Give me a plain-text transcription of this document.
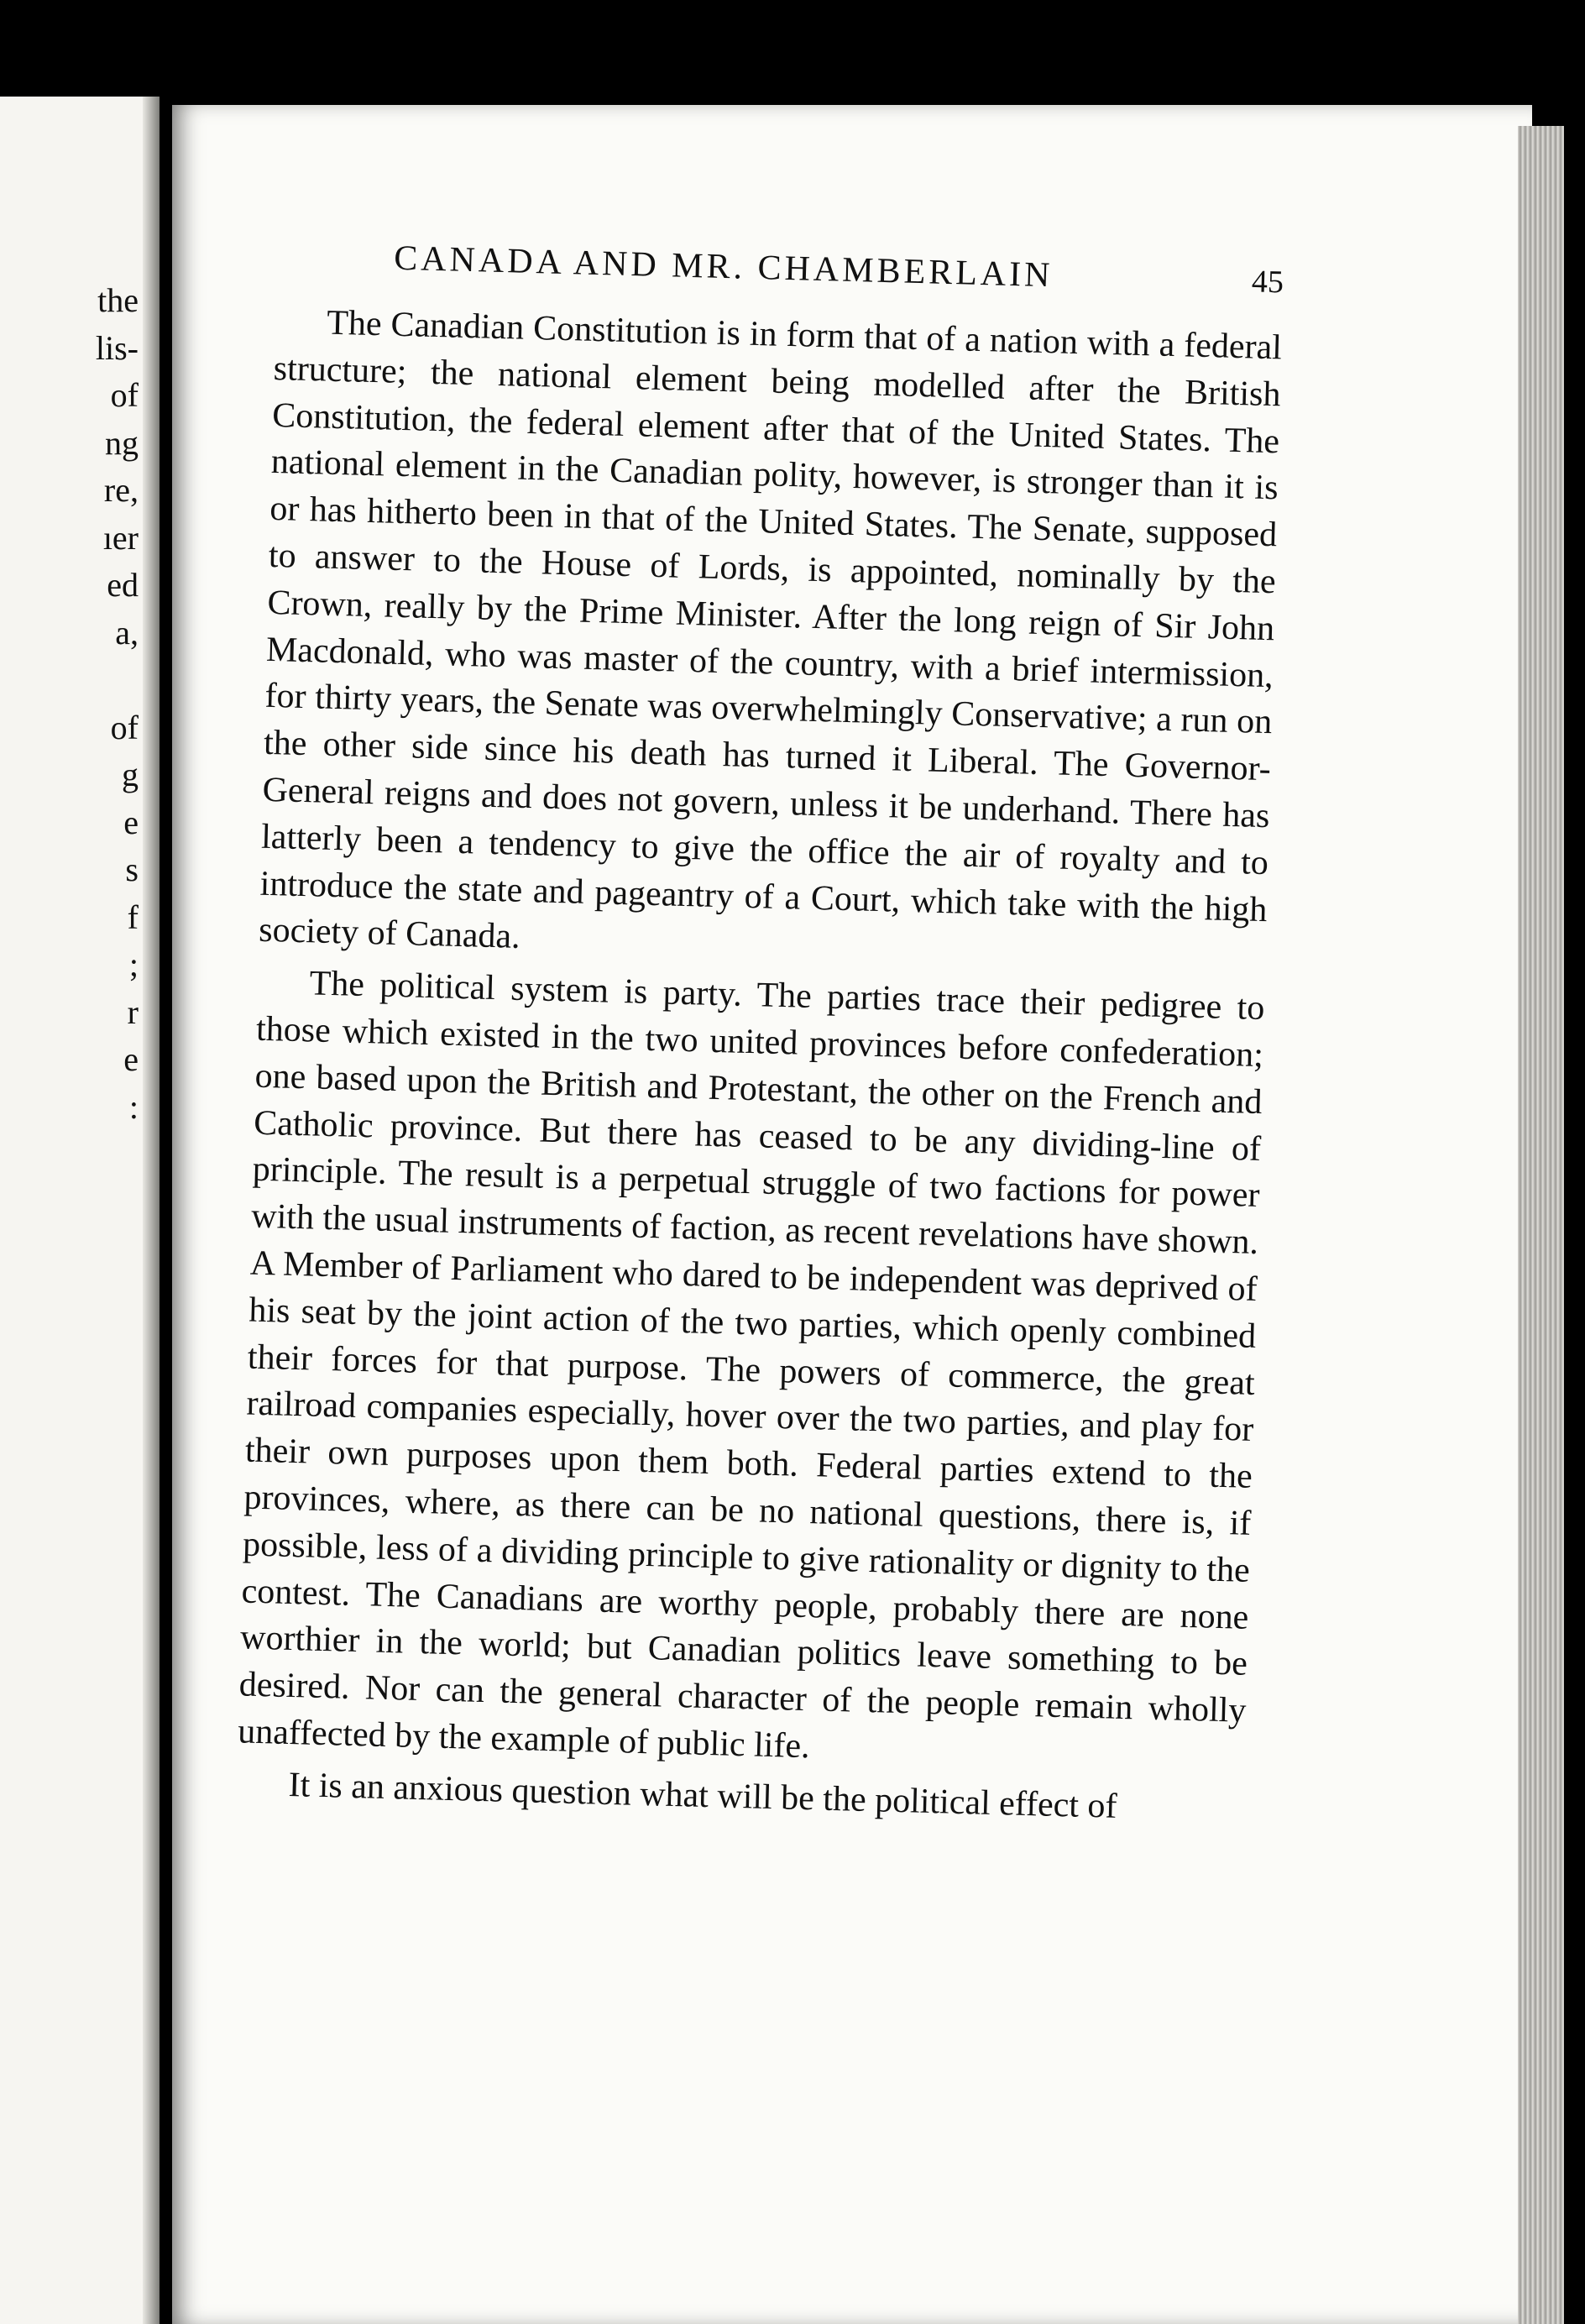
the
lis-
of
ng
re,
ıer
ed
a,
of
g
e
s
f
;
r
e
:
CANADA AND MR. CHAMBERLAIN	45

The Canadian Constitution is in form that of a nation with a federal structure; the national element being modelled after the British Constitution, the federal element after that of the United States. The national element in the Canadian polity, however, is stronger than it is or has hitherto been in that of the United States. The Senate, supposed to answer to the House of Lords, is appointed, nominally by the Crown, really by the Prime Minister. After the long reign of Sir John Macdonald, who was master of the country, with a brief intermission, for thirty years, the Senate was overwhelmingly Conservative; a run on the other side since his death has turned it Liberal. The Governor-General reigns and does not govern, unless it be underhand. There has latterly been a tendency to give the office the air of royalty and to introduce the state and pageantry of a Court, which take with the high society of Canada.

The political system is party. The parties trace their pedigree to those which existed in the two united provinces before confederation; one based upon the British and Protestant, the other on the French and Catholic province. But there has ceased to be any dividing-line of principle. The result is a perpetual struggle of two factions for power with the usual instruments of faction, as recent revelations have shown. A Member of Parliament who dared to be independent was deprived of his seat by the joint action of the two parties, which openly combined their forces for that purpose. The powers of commerce, the great railroad companies especially, hover over the two parties, and play for their own purposes upon them both. Federal parties extend to the provinces, where, as there can be no national questions, there is, if possible, less of a dividing principle to give rationality or dignity to the contest. The Canadians are worthy people, probably there are none worthier in the world; but Canadian politics leave something to be desired. Nor can the general character of the people remain wholly unaffected by the example of public life.

It is an anxious question what will be the political effect of
